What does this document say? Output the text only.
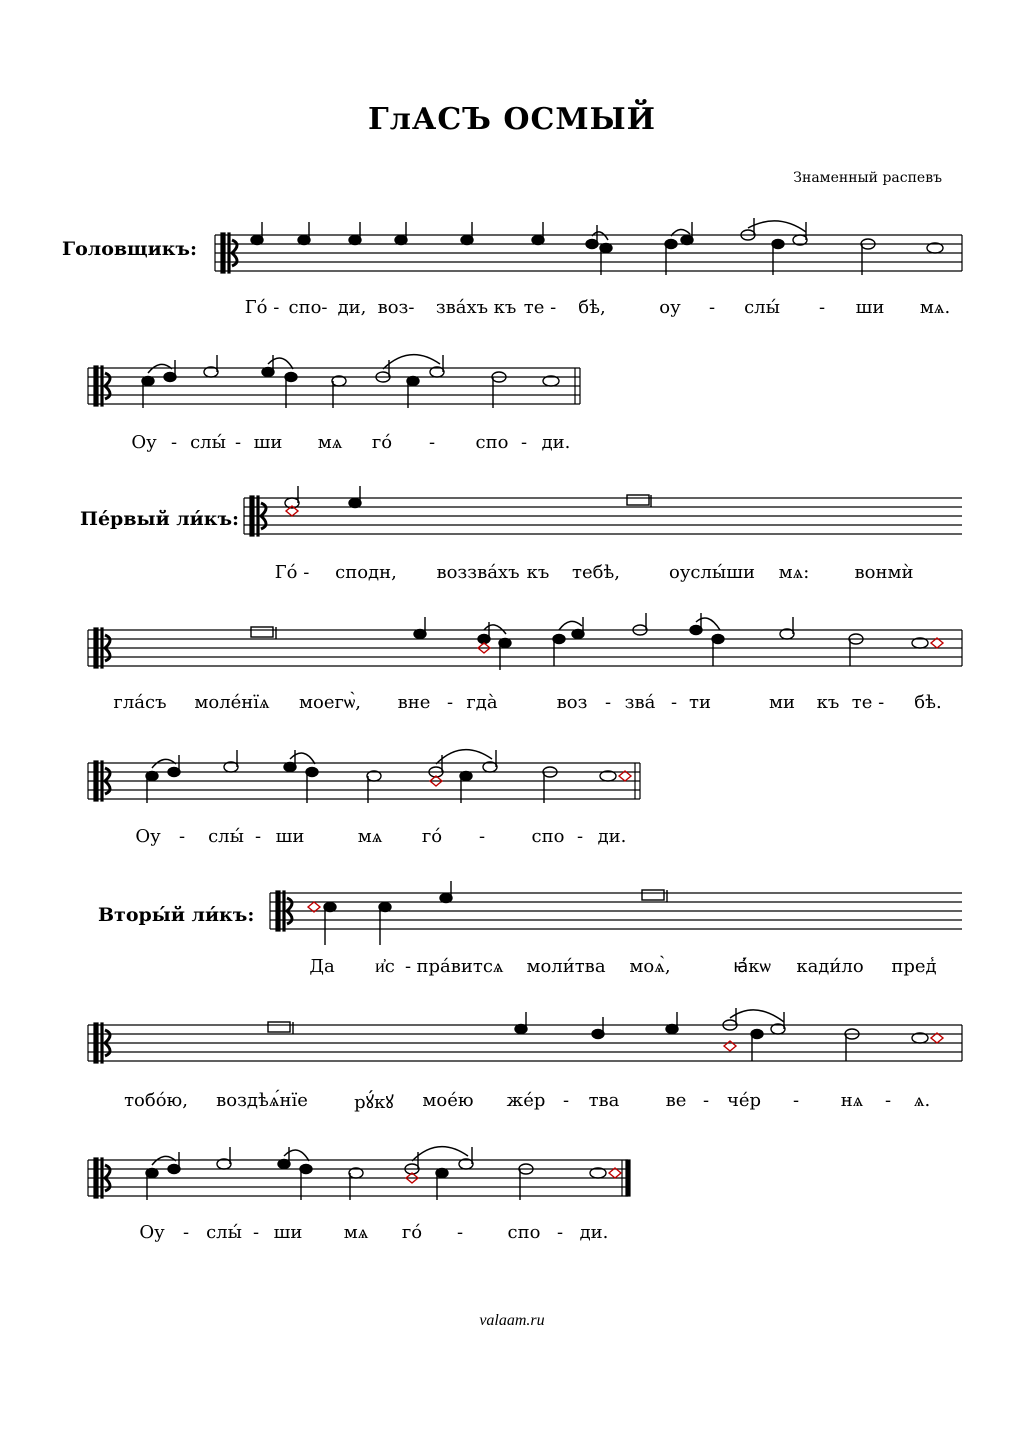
ГлАСЪ ОСМЫЙ
Знаменный распевъ
Головщикъ:
Пе́рвый ли́къ:
Вторы́й ли́къ:
Го́ - спо- ди, воз- зва́хъ къ те - бѣ,	оу - слы́ - ши мѧ.
Оу - слы́ - ши мѧ го́ - спо - ди.
Го́ - сподн, воззва́хъ къ тебѣ,	оуслы́ши мѧ:	вонмѝ
гла́съ моле́нїѧ моегѡ̀, вне - гда̀	воз - зва́ - ти	ми къ те - бѣ.
Оу - слы́ - ши	мѧ го́ -	спо - ди.
Да и҆с - пра́витсѧ моли́тва моѧ̀,	ꙗ҆́кѡ кади́ло пред̾
тобо́ю, воздѣѧ́нїе	рꙋ́кꙋ мое́ю же́р - тва	ве - че́р - нѧ - ѧ.
Оу - слы́ - ши мѧ го́ - спо - ди.
valaam.ru
